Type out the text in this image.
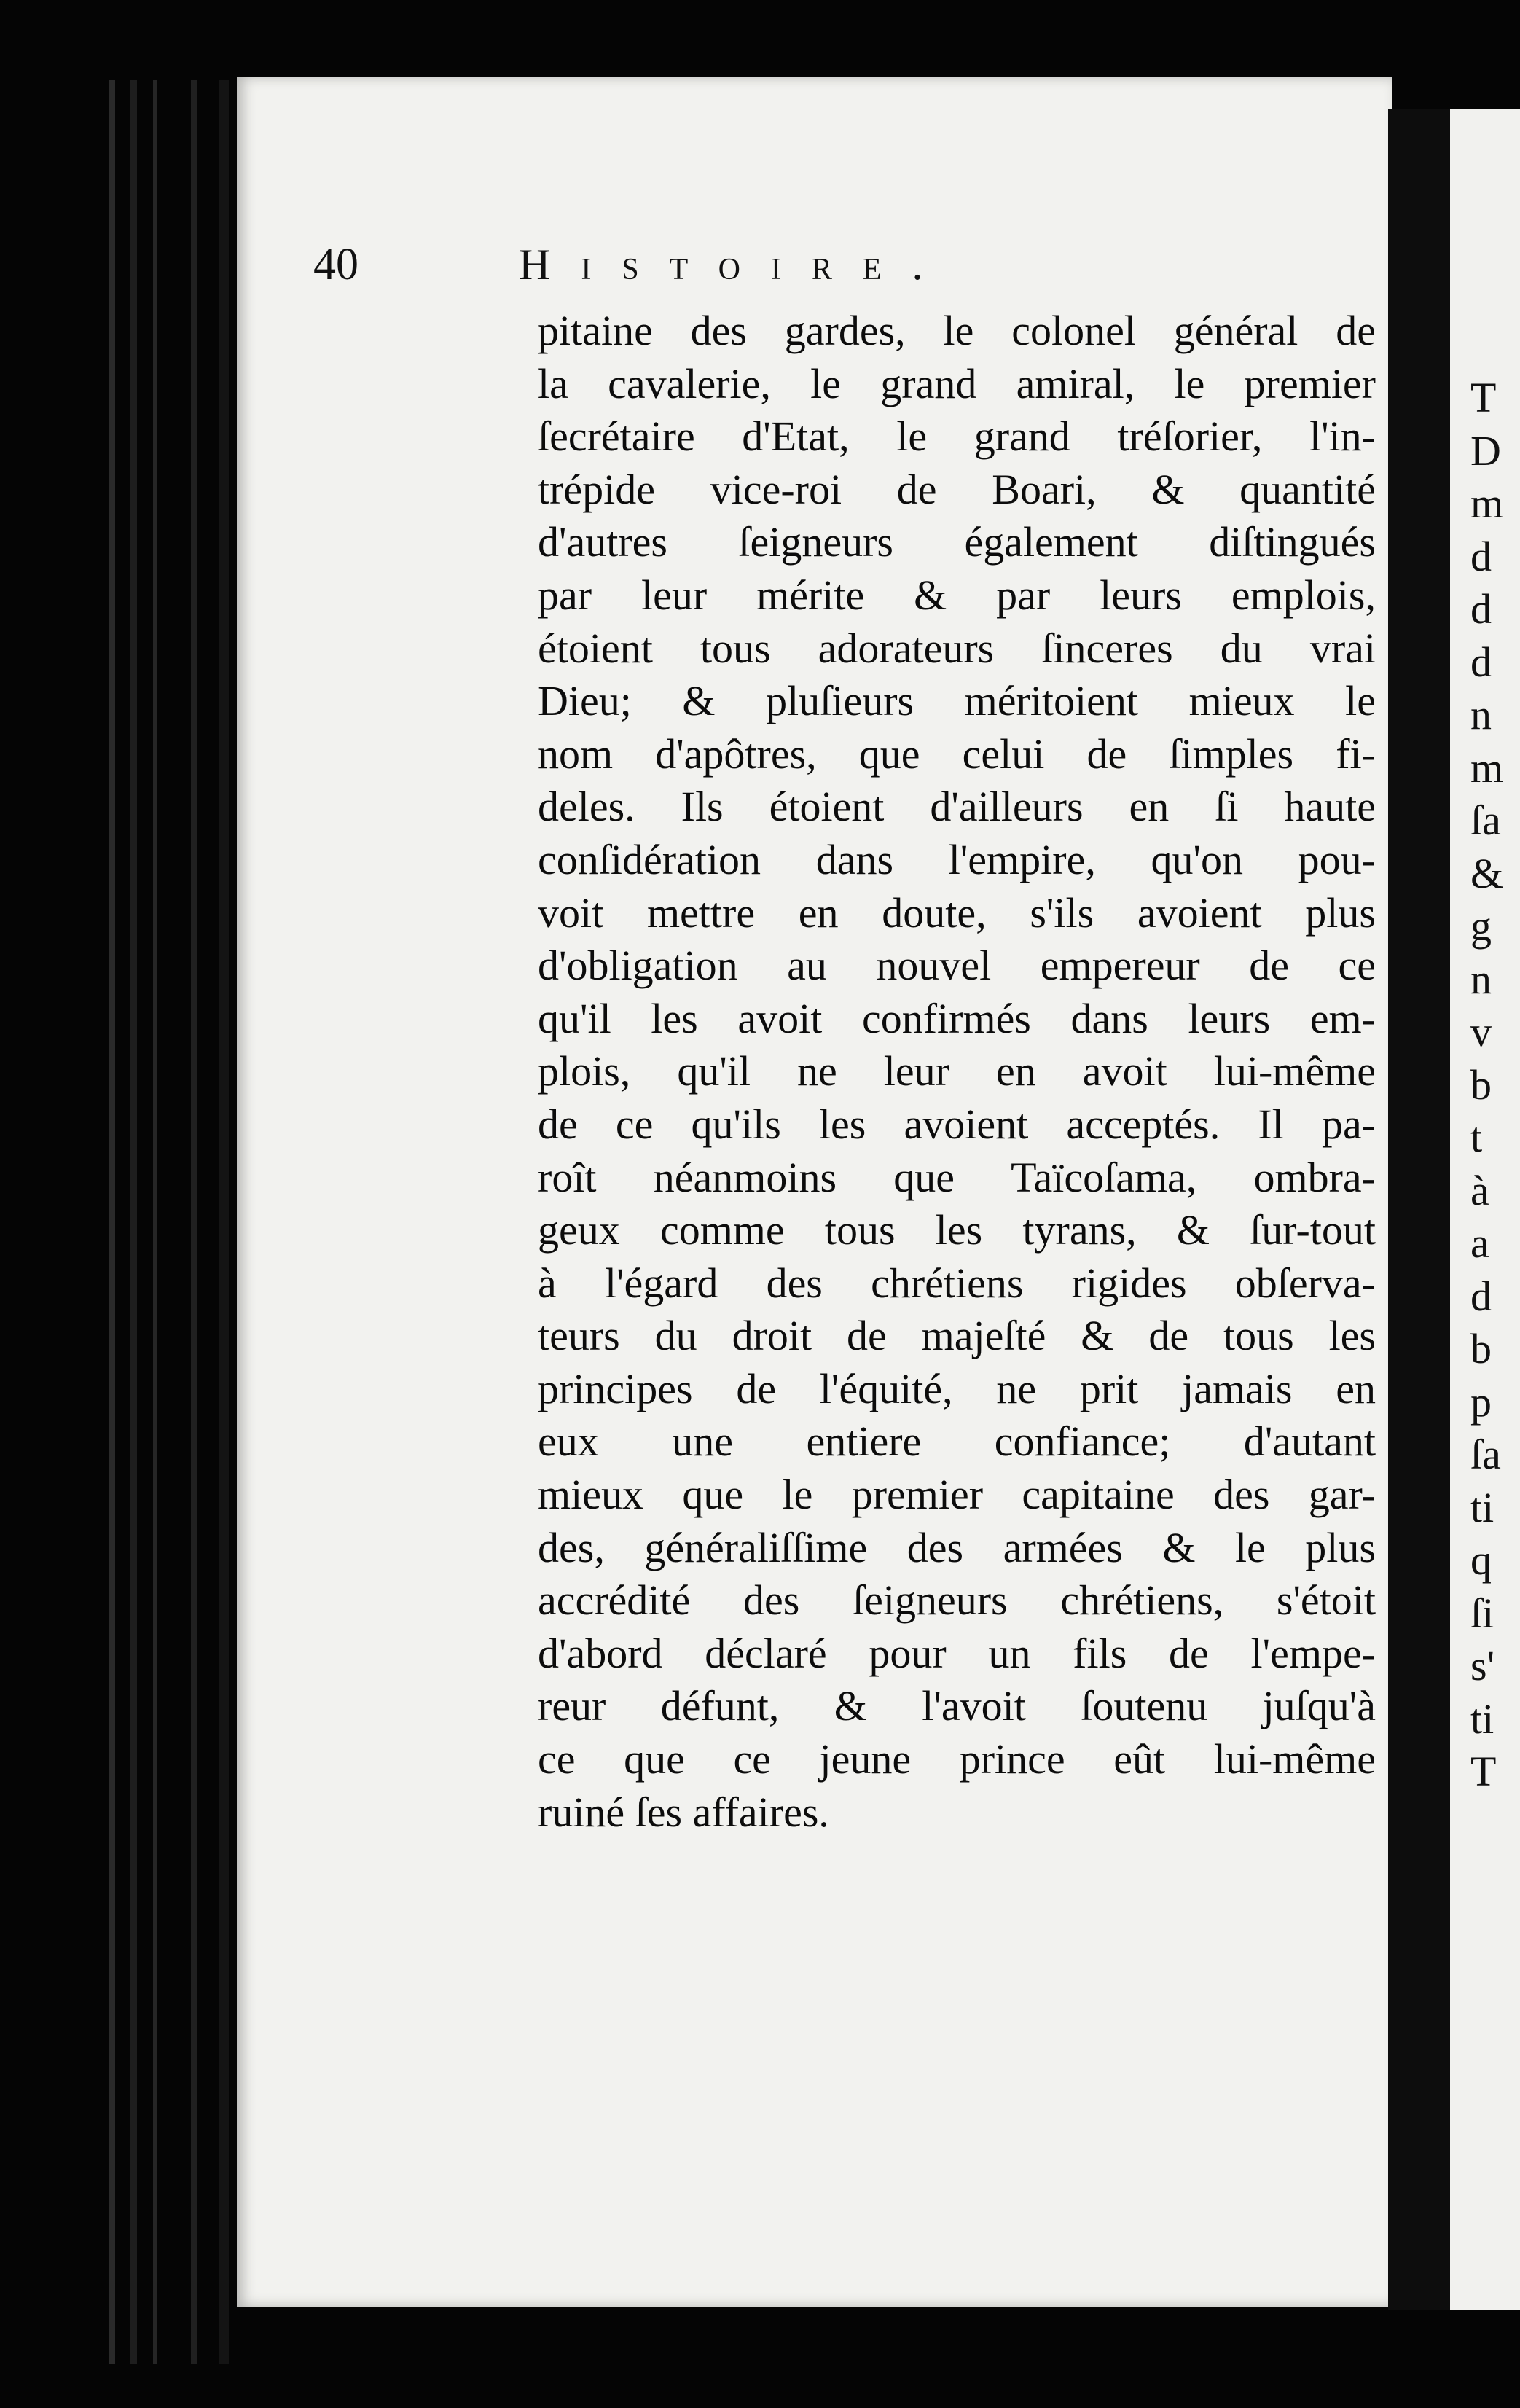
T
D
m
d
d
d
n
m
ſa
&
g
n
v
b
t
à
a
d
b
p
ſa
ti
q
ſi
s'
ti
T
40	Histoire.
pitaine des gardes, le colonel général de
la cavalerie, le grand amiral, le premier
ſecrétaire d'Etat, le grand tréſorier, l'in-
trépide vice-roi de Boari, & quantité
d'autres ſeigneurs également diſtingués
par leur mérite & par leurs emplois,
étoient tous adorateurs ſinceres du vrai
Dieu; & pluſieurs méritoient mieux le
nom d'apôtres, que celui de ſimples fi-
deles. Ils étoient d'ailleurs en ſi haute
conſidération dans l'empire, qu'on pou-
voit mettre en doute, s'ils avoient plus
d'obligation au nouvel empereur de ce
qu'il les avoit confirmés dans leurs em-
plois, qu'il ne leur en avoit lui-même
de ce qu'ils les avoient acceptés. Il pa-
roît néanmoins que Taïcoſama, ombra-
geux comme tous les tyrans, & ſur-tout
à l'égard des chrétiens rigides obſerva-
teurs du droit de majeſté & de tous les
principes de l'équité, ne prit jamais en
eux une entiere confiance; d'autant
mieux que le premier capitaine des gar-
des, généraliſſime des armées & le plus
accrédité des ſeigneurs chrétiens, s'étoit
d'abord déclaré pour un fils de l'empe-
reur défunt, & l'avoit ſoutenu juſqu'à
ce que ce jeune prince eût lui-même
ruiné ſes affaires.
